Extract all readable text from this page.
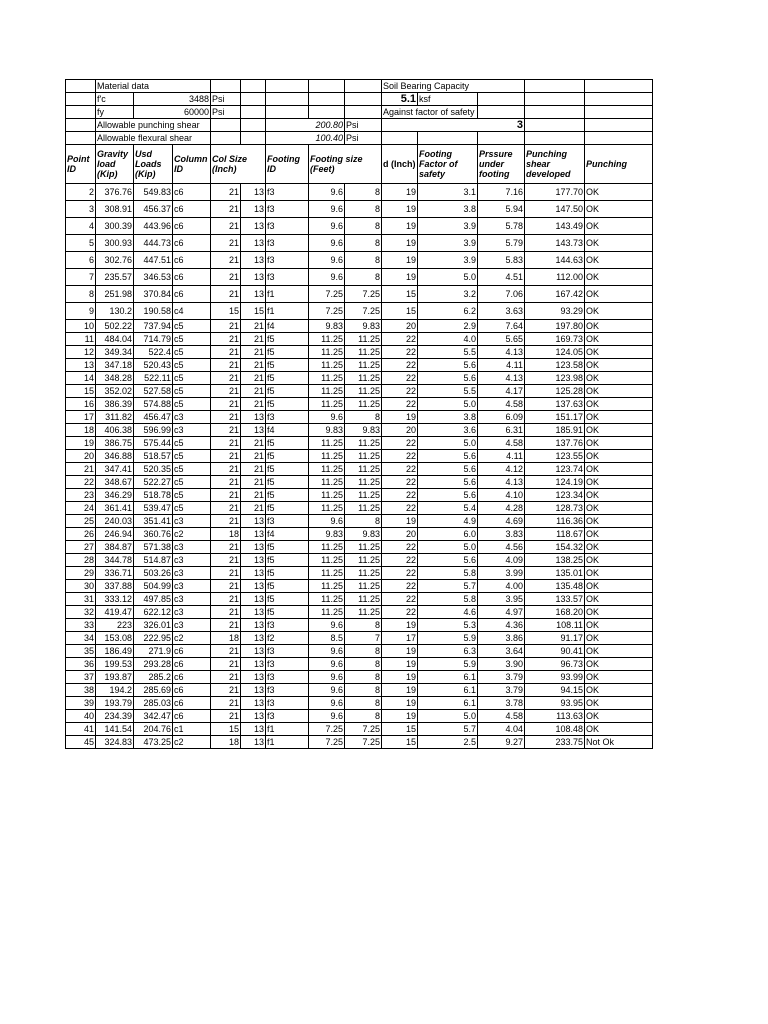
	Material data								Soil Bearing Capacity				
	f'c	3488		Psi					5.1	ksf			
	fy	60000		Psi					Against factor of safety				
	Allowable punching shear					200.80		Psi	3				
	Allowable flexural shear					100.40		Psi					
Point ID	Gravity load (Kip)	Usd Loads (Kip)	Column ID	Col Size (Inch)		Footing ID	Footing size (Feet)		d (Inch)	Footing Factor of safety	Prssure under footing	Punching shear developed	Punching
2	376.76	549.83	c6	21	13	f3	9.6	8	19	3.1	7.16	177.70	OK
3	308.91	456.37	c6	21	13	f3	9.6	8	19	3.8	5.94	147.50	OK
4	300.39	443.96	c6	21	13	f3	9.6	8	19	3.9	5.78	143.49	OK
5	300.93	444.73	c6	21	13	f3	9.6	8	19	3.9	5.79	143.73	OK
6	302.76	447.51	c6	21	13	f3	9.6	8	19	3.9	5.83	144.63	OK
7	235.57	346.53	c6	21	13	f3	9.6	8	19	5.0	4.51	112.00	OK
8	251.98	370.84	c6	21	13	f1	7.25	7.25	15	3.2	7.06	167.42	OK
9	130.2	190.58	c4	15	15	f1	7.25	7.25	15	6.2	3.63	93.29	OK
10	502.22	737.94	c5	21	21	f4	9.83	9.83	20	2.9	7.64	197.80	OK
11	484.04	714.79	c5	21	21	f5	11.25	11.25	22	4.0	5.65	169.73	OK
12	349.34	522.4	c5	21	21	f5	11.25	11.25	22	5.5	4.13	124.05	OK
13	347.18	520.43	c5	21	21	f5	11.25	11.25	22	5.6	4.11	123.58	OK
14	348.28	522.11	c5	21	21	f5	11.25	11.25	22	5.6	4.13	123.98	OK
15	352.02	527.58	c5	21	21	f5	11.25	11.25	22	5.5	4.17	125.28	OK
16	386.39	574.88	c5	21	21	f5	11.25	11.25	22	5.0	4.58	137.63	OK
17	311.82	456.47	c3	21	13	f3	9.6	8	19	3.8	6.09	151.17	OK
18	406.38	596.99	c3	21	13	f4	9.83	9.83	20	3.6	6.31	185.91	OK
19	386.75	575.44	c5	21	21	f5	11.25	11.25	22	5.0	4.58	137.76	OK
20	346.88	518.57	c5	21	21	f5	11.25	11.25	22	5.6	4.11	123.55	OK
21	347.41	520.35	c5	21	21	f5	11.25	11.25	22	5.6	4.12	123.74	OK
22	348.67	522.27	c5	21	21	f5	11.25	11.25	22	5.6	4.13	124.19	OK
23	346.29	518.78	c5	21	21	f5	11.25	11.25	22	5.6	4.10	123.34	OK
24	361.41	539.47	c5	21	21	f5	11.25	11.25	22	5.4	4.28	128.73	OK
25	240.03	351.41	c3	21	13	f3	9.6	8	19	4.9	4.69	116.36	OK
26	246.94	360.76	c2	18	13	f4	9.83	9.83	20	6.0	3.83	118.67	OK
27	384.87	571.38	c3	21	13	f5	11.25	11.25	22	5.0	4.56	154.32	OK
28	344.78	514.87	c3	21	13	f5	11.25	11.25	22	5.6	4.09	138.25	OK
29	336.71	503.26	c3	21	13	f5	11.25	11.25	22	5.8	3.99	135.01	OK
30	337.88	504.99	c3	21	13	f5	11.25	11.25	22	5.7	4.00	135.48	OK
31	333.12	497.85	c3	21	13	f5	11.25	11.25	22	5.8	3.95	133.57	OK
32	419.47	622.12	c3	21	13	f5	11.25	11.25	22	4.6	4.97	168.20	OK
33	223	326.01	c3	21	13	f3	9.6	8	19	5.3	4.36	108.11	OK
34	153.08	222.95	c2	18	13	f2	8.5	7	17	5.9	3.86	91.17	OK
35	186.49	271.9	c6	21	13	f3	9.6	8	19	6.3	3.64	90.41	OK
36	199.53	293.28	c6	21	13	f3	9.6	8	19	5.9	3.90	96.73	OK
37	193.87	285.2	c6	21	13	f3	9.6	8	19	6.1	3.79	93.99	OK
38	194.2	285.69	c6	21	13	f3	9.6	8	19	6.1	3.79	94.15	OK
39	193.79	285.03	c6	21	13	f3	9.6	8	19	6.1	3.78	93.95	OK
40	234.39	342.47	c6	21	13	f3	9.6	8	19	5.0	4.58	113.63	OK
41	141.54	204.76	c1	15	13	f1	7.25	7.25	15	5.7	4.04	108.48	OK
45	324.83	473.25	c2	18	13	f1	7.25	7.25	15	2.5	9.27	233.75	Not Ok
